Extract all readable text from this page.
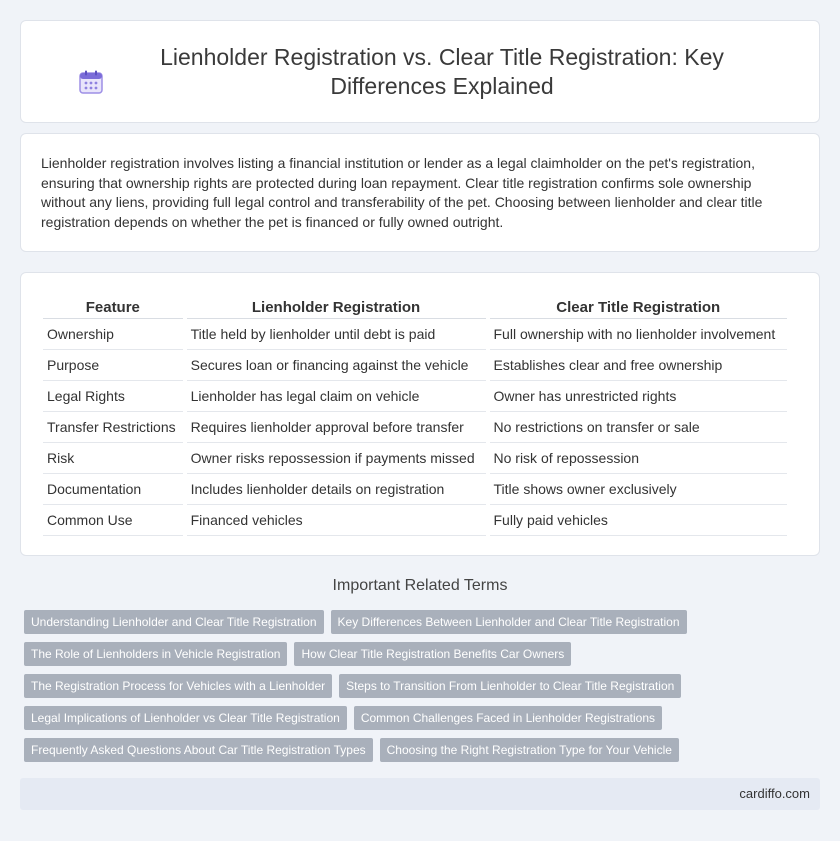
Lienholder Registration vs. Clear Title Registration: Key Differences Explained

Lienholder registration involves listing a financial institution or lender as a legal claimholder on the pet's registration, ensuring that ownership rights are protected during loan repayment. Clear title registration confirms sole ownership without any liens, providing full legal control and transferability of the pet. Choosing between lienholder and clear title registration depends on whether the pet is financed or fully owned outright.

Feature	Lienholder Registration	Clear Title Registration
Ownership	Title held by lienholder until debt is paid	Full ownership with no lienholder involvement
Purpose	Secures loan or financing against the vehicle	Establishes clear and free ownership
Legal Rights	Lienholder has legal claim on vehicle	Owner has unrestricted rights
Transfer Restrictions	Requires lienholder approval before transfer	No restrictions on transfer or sale
Risk	Owner risks repossession if payments missed	No risk of repossession
Documentation	Includes lienholder details on registration	Title shows owner exclusively
Common Use	Financed vehicles	Fully paid vehicles
Important Related Terms
Understanding Lienholder and Clear Title Registration	Key Differences Between Lienholder and Clear Title Registration
The Role of Lienholders in Vehicle Registration	How Clear Title Registration Benefits Car Owners
The Registration Process for Vehicles with a Lienholder	Steps to Transition From Lienholder to Clear Title Registration
Legal Implications of Lienholder vs Clear Title Registration	Common Challenges Faced in Lienholder Registrations
Frequently Asked Questions About Car Title Registration Types	Choosing the Right Registration Type for Your Vehicle
cardiffo.com
